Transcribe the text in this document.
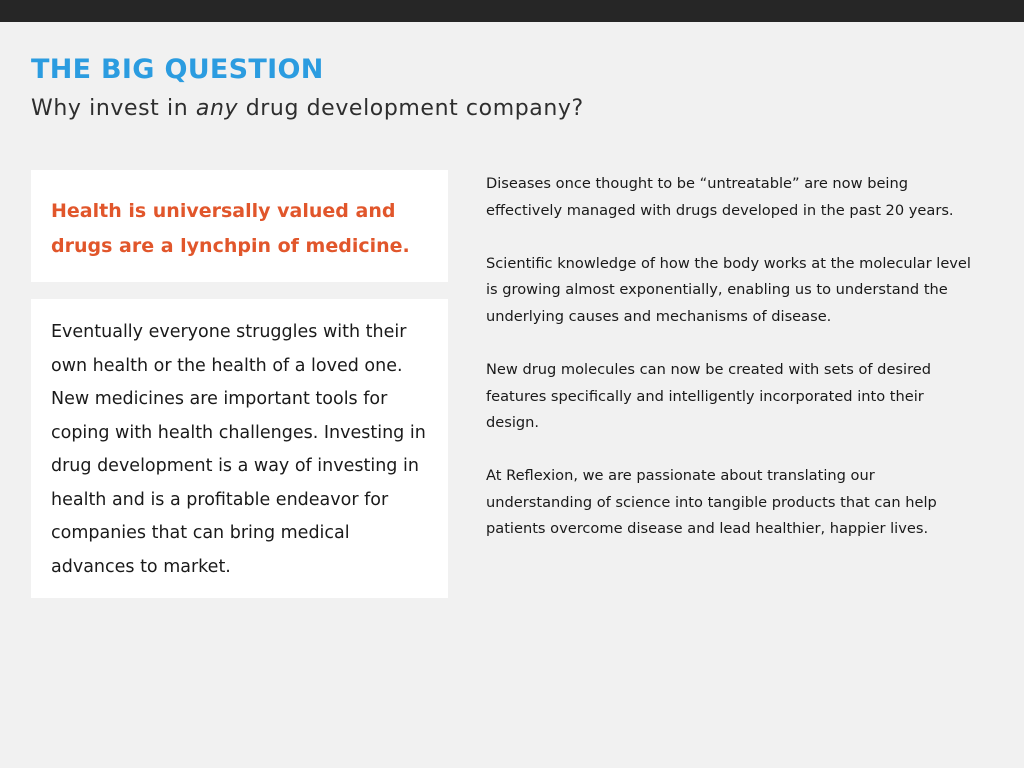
THE BIG QUESTION
Why invest in any drug development company?

Health is universally valued and drugs are a lynchpin of medicine.

Eventually everyone struggles with their own health or the health of a loved one. New medicines are important tools for coping with health challenges. Investing in drug development is a way of investing in health and is a profitable endeavor for companies that can bring medical advances to market.

Diseases once thought to be “untreatable” are now being effectively managed with drugs developed in the past 20 years.

Scientific knowledge of how the body works at the molecular level is growing almost exponentially, enabling us to understand the underlying causes and mechanisms of disease.

New drug molecules can now be created with sets of desired features specifically and intelligently incorporated into their design.

At Reflexion, we are passionate about translating our understanding of science into tangible products that can help patients overcome disease and lead healthier, happier lives.
